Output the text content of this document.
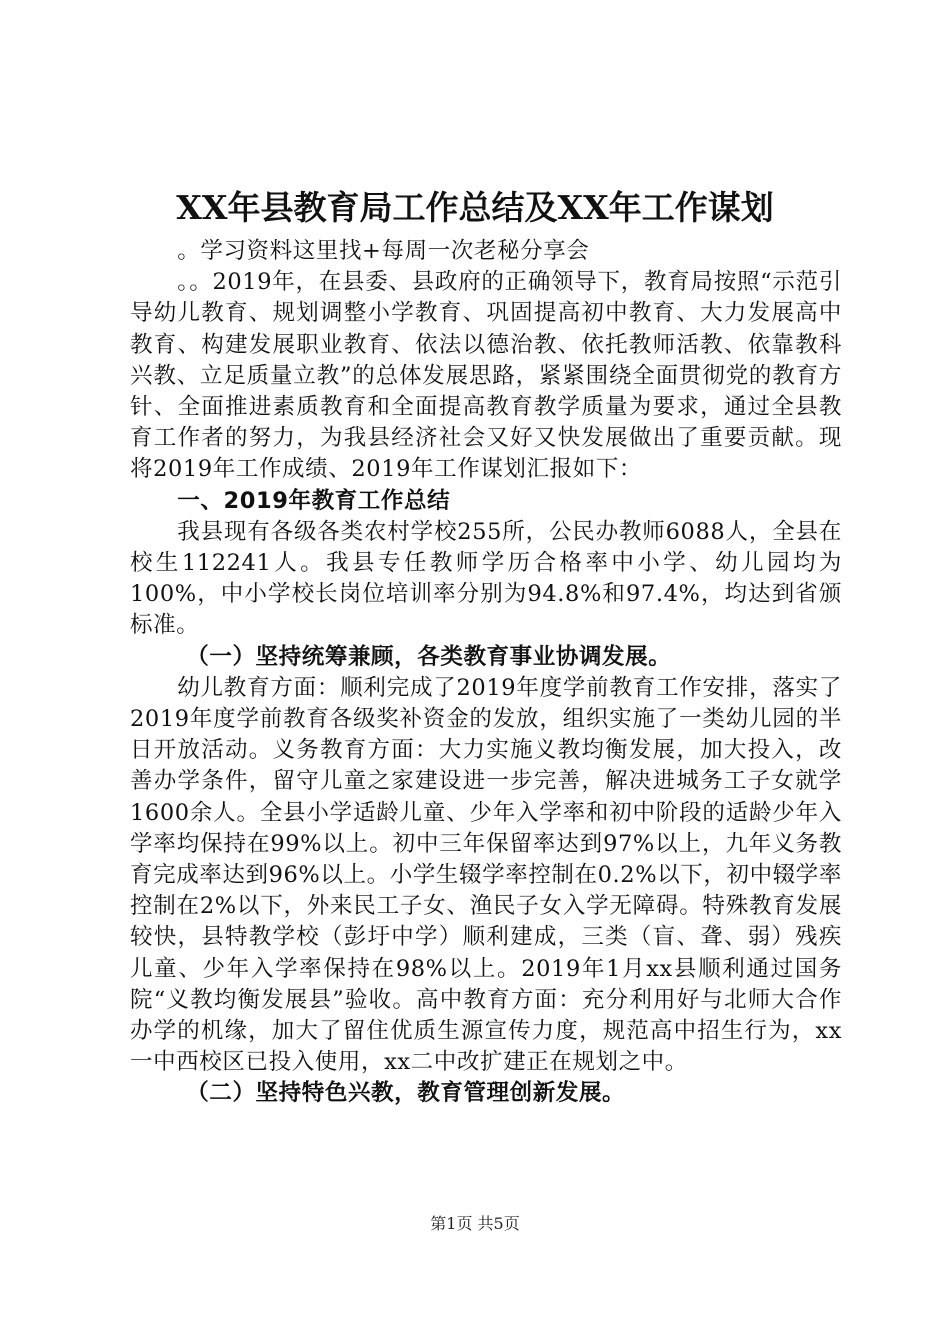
XX年县教育局工作总结及XX年工作谋划

。学习资料这里找+每周一次老秘分享会

。。2019年，在县委、县政府的正确领导下，教育局按照“示范引导幼儿教育、规划调整小学教育、巩固提高初中教育、大力发展高中教育、构建发展职业教育、依法以德治教、依托教师活教、依靠教科兴教、立足质量立教”的总体发展思路，紧紧围绕全面贯彻党的教育方针、全面推进素质教育和全面提高教育教学质量为要求，通过全县教育工作者的努力，为我县经济社会又好又快发展做出了重要贡献。现将2019年工作成绩、2019年工作谋划汇报如下：

一、2019年教育工作总结

我县现有各级各类农村学校255所，公民办教师6088人，全县在校生112241人。我县专任教师学历合格率中小学、幼儿园均为100%，中小学校长岗位培训率分别为94.8%和97.4%，均达到省颁标准。

（一）坚持统筹兼顾，各类教育事业协调发展。

幼儿教育方面：顺利完成了2019年度学前教育工作安排，落实了2019年度学前教育各级奖补资金的发放，组织实施了一类幼儿园的半日开放活动。义务教育方面：大力实施义教均衡发展，加大投入，改善办学条件，留守儿童之家建设进一步完善，解决进城务工子女就学1600余人。全县小学适龄儿童、少年入学率和初中阶段的适龄少年入学率均保持在99%以上。初中三年保留率达到97%以上，九年义务教育完成率达到96%以上。小学生辍学率控制在0.2%以下，初中辍学率控制在2%以下，外来民工子女、渔民子女入学无障碍。特殊教育发展较快，县特教学校（彭圩中学）顺利建成，三类（盲、聋、弱）残疾儿童、少年入学率保持在98%以上。2019年1月xx县顺利通过国务院“义教均衡发展县”验收。高中教育方面：充分利用好与北师大合作办学的机缘，加大了留住优质生源宣传力度，规范高中招生行为，xx一中西校区已投入使用，xx二中改扩建正在规划之中。

（二）坚持特色兴教，教育管理创新发展。

第1页 共5页
